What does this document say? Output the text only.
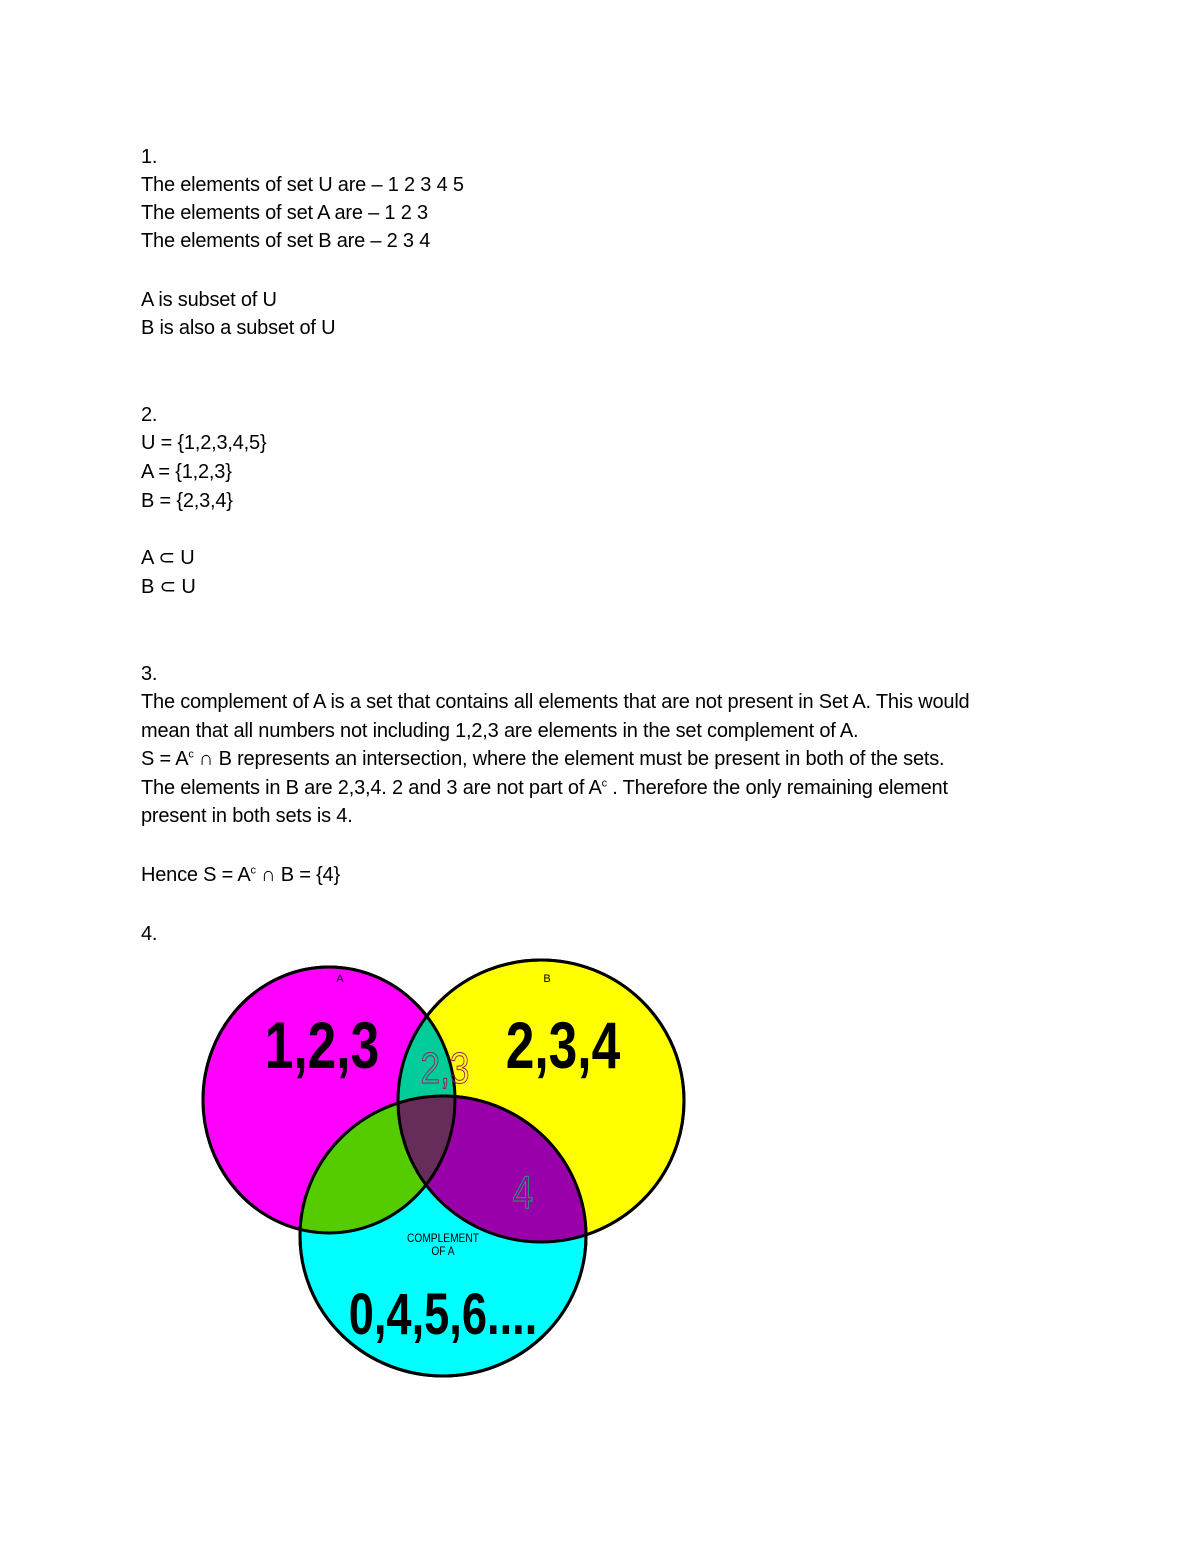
1.
The elements of set U are – 1 2 3 4 5
The elements of set A are – 1 2 3
The elements of set B are – 2 3 4
A is subset of U
B is also a subset of U
2.
U = {1,2,3,4,5}
A = {1,2,3}
B = {2,3,4}
A ⊂ U
B ⊂ U
3.
The complement of A is a set that contains all elements that are not present in Set A. This would
mean that all numbers not including 1,2,3 are elements in the set complement of A.
$S = A^c$ ∩ B represents an intersection, where the element must be present in both of the sets.
The elements in B are 2,3,4. 2 and 3 are not part of $A^c$ . Therefore the only remaining element
present in both sets is 4.
Hence $S = A^c$ ∩ B = {4}
4.
A	B
1,2,3 2,3,4
2,3
4
COMPLEMENT
OF A
0,4,5,6....
